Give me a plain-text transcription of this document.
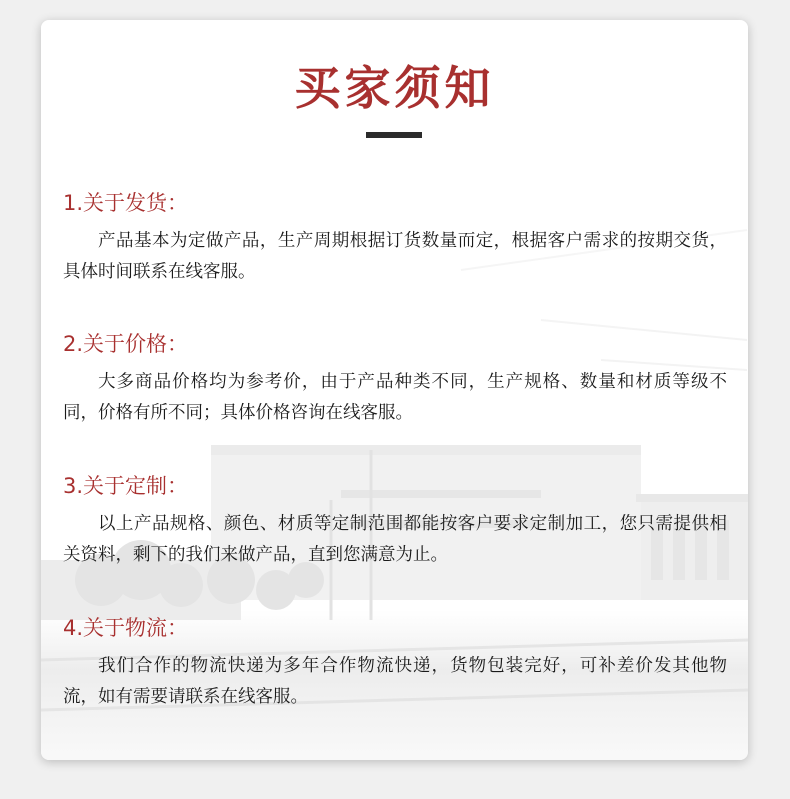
买家须知
1.关于发货：

产品基本为定做产品，生产周期根据订货数量而定，根据客户需求的按期交货，具体时间联系在线客服。

2.关于价格：

大多商品价格均为参考价，由于产品种类不同，生产规格、数量和材质等级不同，价格有所不同；具体价格咨询在线客服。

3.关于定制：

以上产品规格、颜色、材质等定制范围都能按客户要求定制加工，您只需提供相关资料，剩下的我们来做产品，直到您满意为止。

4.关于物流：

我们合作的物流快递为多年合作物流快递，货物包装完好，可补差价发其他物流，如有需要请联系在线客服。
